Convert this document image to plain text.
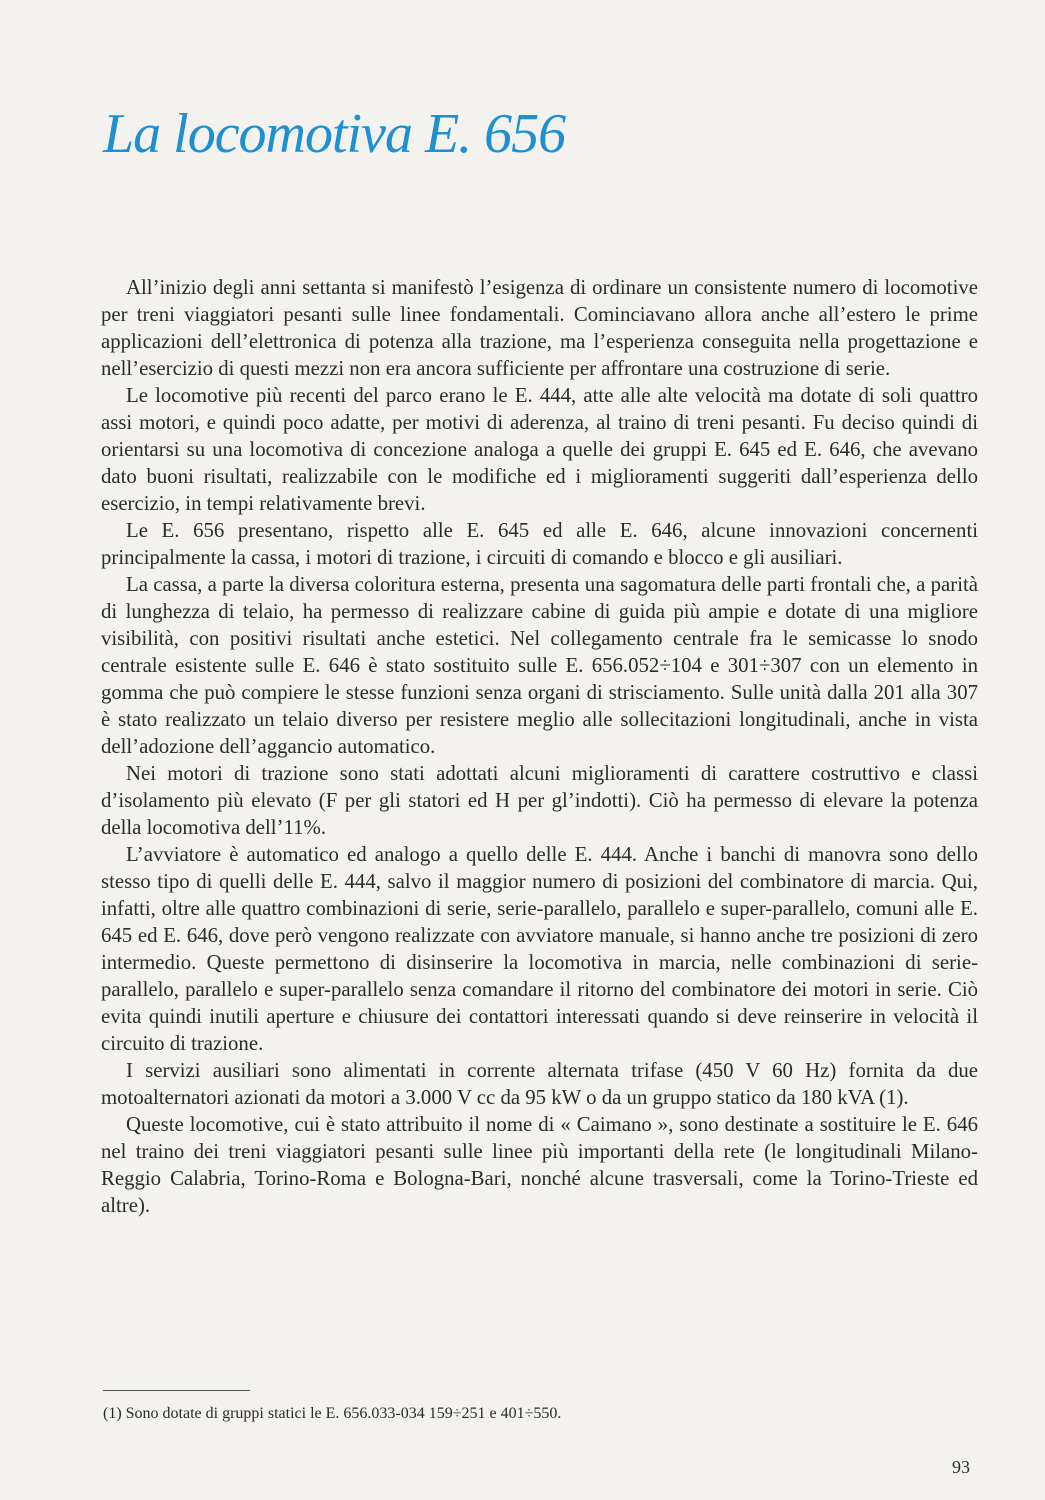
La locomotiva E. 656

All’inizio degli anni settanta si manifestò l’esigenza di ordinare un consistente numero di locomotive per treni viaggiatori pesanti sulle linee fondamentali. Cominciavano allora anche all’estero le prime applicazioni dell’elettronica di potenza alla trazione, ma l’esperienza conseguita nella progettazione e nell’esercizio di questi mezzi non era ancora sufficiente per affrontare una costruzione di serie.

Le locomotive più recenti del parco erano le E. 444, atte alle alte velocità ma dotate di soli quattro assi motori, e quindi poco adatte, per motivi di aderenza, al traino di treni pesanti. Fu deciso quindi di orientarsi su una locomotiva di concezione analoga a quelle dei gruppi E. 645 ed E. 646, che avevano dato buoni risultati, realizzabile con le modifiche ed i miglioramenti suggeriti dall’esperienza dello esercizio, in tempi relativamente brevi.

Le E. 656 presentano, rispetto alle E. 645 ed alle E. 646, alcune innovazioni concernenti principalmente la cassa, i motori di trazione, i circuiti di comando e blocco e gli ausiliari.

La cassa, a parte la diversa coloritura esterna, presenta una sagomatura delle parti frontali che, a parità di lunghezza di telaio, ha permesso di realizzare cabine di guida più ampie e dotate di una migliore visibilità, con positivi risultati anche estetici. Nel collegamento centrale fra le semicasse lo snodo centrale esistente sulle E. 646 è stato sostituito sulle E. 656.052÷104 e 301÷307 con un elemento in gomma che può compiere le stesse funzioni senza organi di strisciamento. Sulle unità dalla 201 alla 307 è stato realizzato un telaio diverso per resistere meglio alle sollecitazioni longitudinali, anche in vista dell’adozione dell’aggancio automatico.

Nei motori di trazione sono stati adottati alcuni miglioramenti di carattere costruttivo e classi d’isolamento più elevato (F per gli statori ed H per gl’indotti). Ciò ha permesso di elevare la potenza della locomotiva dell’11%.

L’avviatore è automatico ed analogo a quello delle E. 444. Anche i banchi di manovra sono dello stesso tipo di quelli delle E. 444, salvo il maggior numero di posizioni del combinatore di marcia. Qui, infatti, oltre alle quattro combinazioni di serie, serie-parallelo, parallelo e super-parallelo, comuni alle E. 645 ed E. 646, dove però vengono realizzate con avviatore manuale, si hanno anche tre posizioni di zero intermedio. Queste permettono di disinserire la locomotiva in marcia, nelle combinazioni di serie-parallelo, parallelo e super-parallelo senza comandare il ritorno del combinatore dei motori in serie. Ciò evita quindi inutili aperture e chiusure dei contattori interessati quando si deve reinserire in velocità il circuito di trazione.

I servizi ausiliari sono alimentati in corrente alternata trifase (450 V 60 Hz) fornita da due motoalternatori azionati da motori a 3.000 V cc da 95 kW o da un gruppo statico da 180 kVA (1).

Queste locomotive, cui è stato attribuito il nome di « Caimano », sono destinate a sostituire le E. 646 nel traino dei treni viaggiatori pesanti sulle linee più importanti della rete (le longitudinali Milano-Reggio Calabria, Torino-Roma e Bologna-Bari, nonché alcune trasversali, come la Torino-Trieste ed altre).

(1) Sono dotate di gruppi statici le E. 656.033-034 159÷251 e 401÷550.

93
